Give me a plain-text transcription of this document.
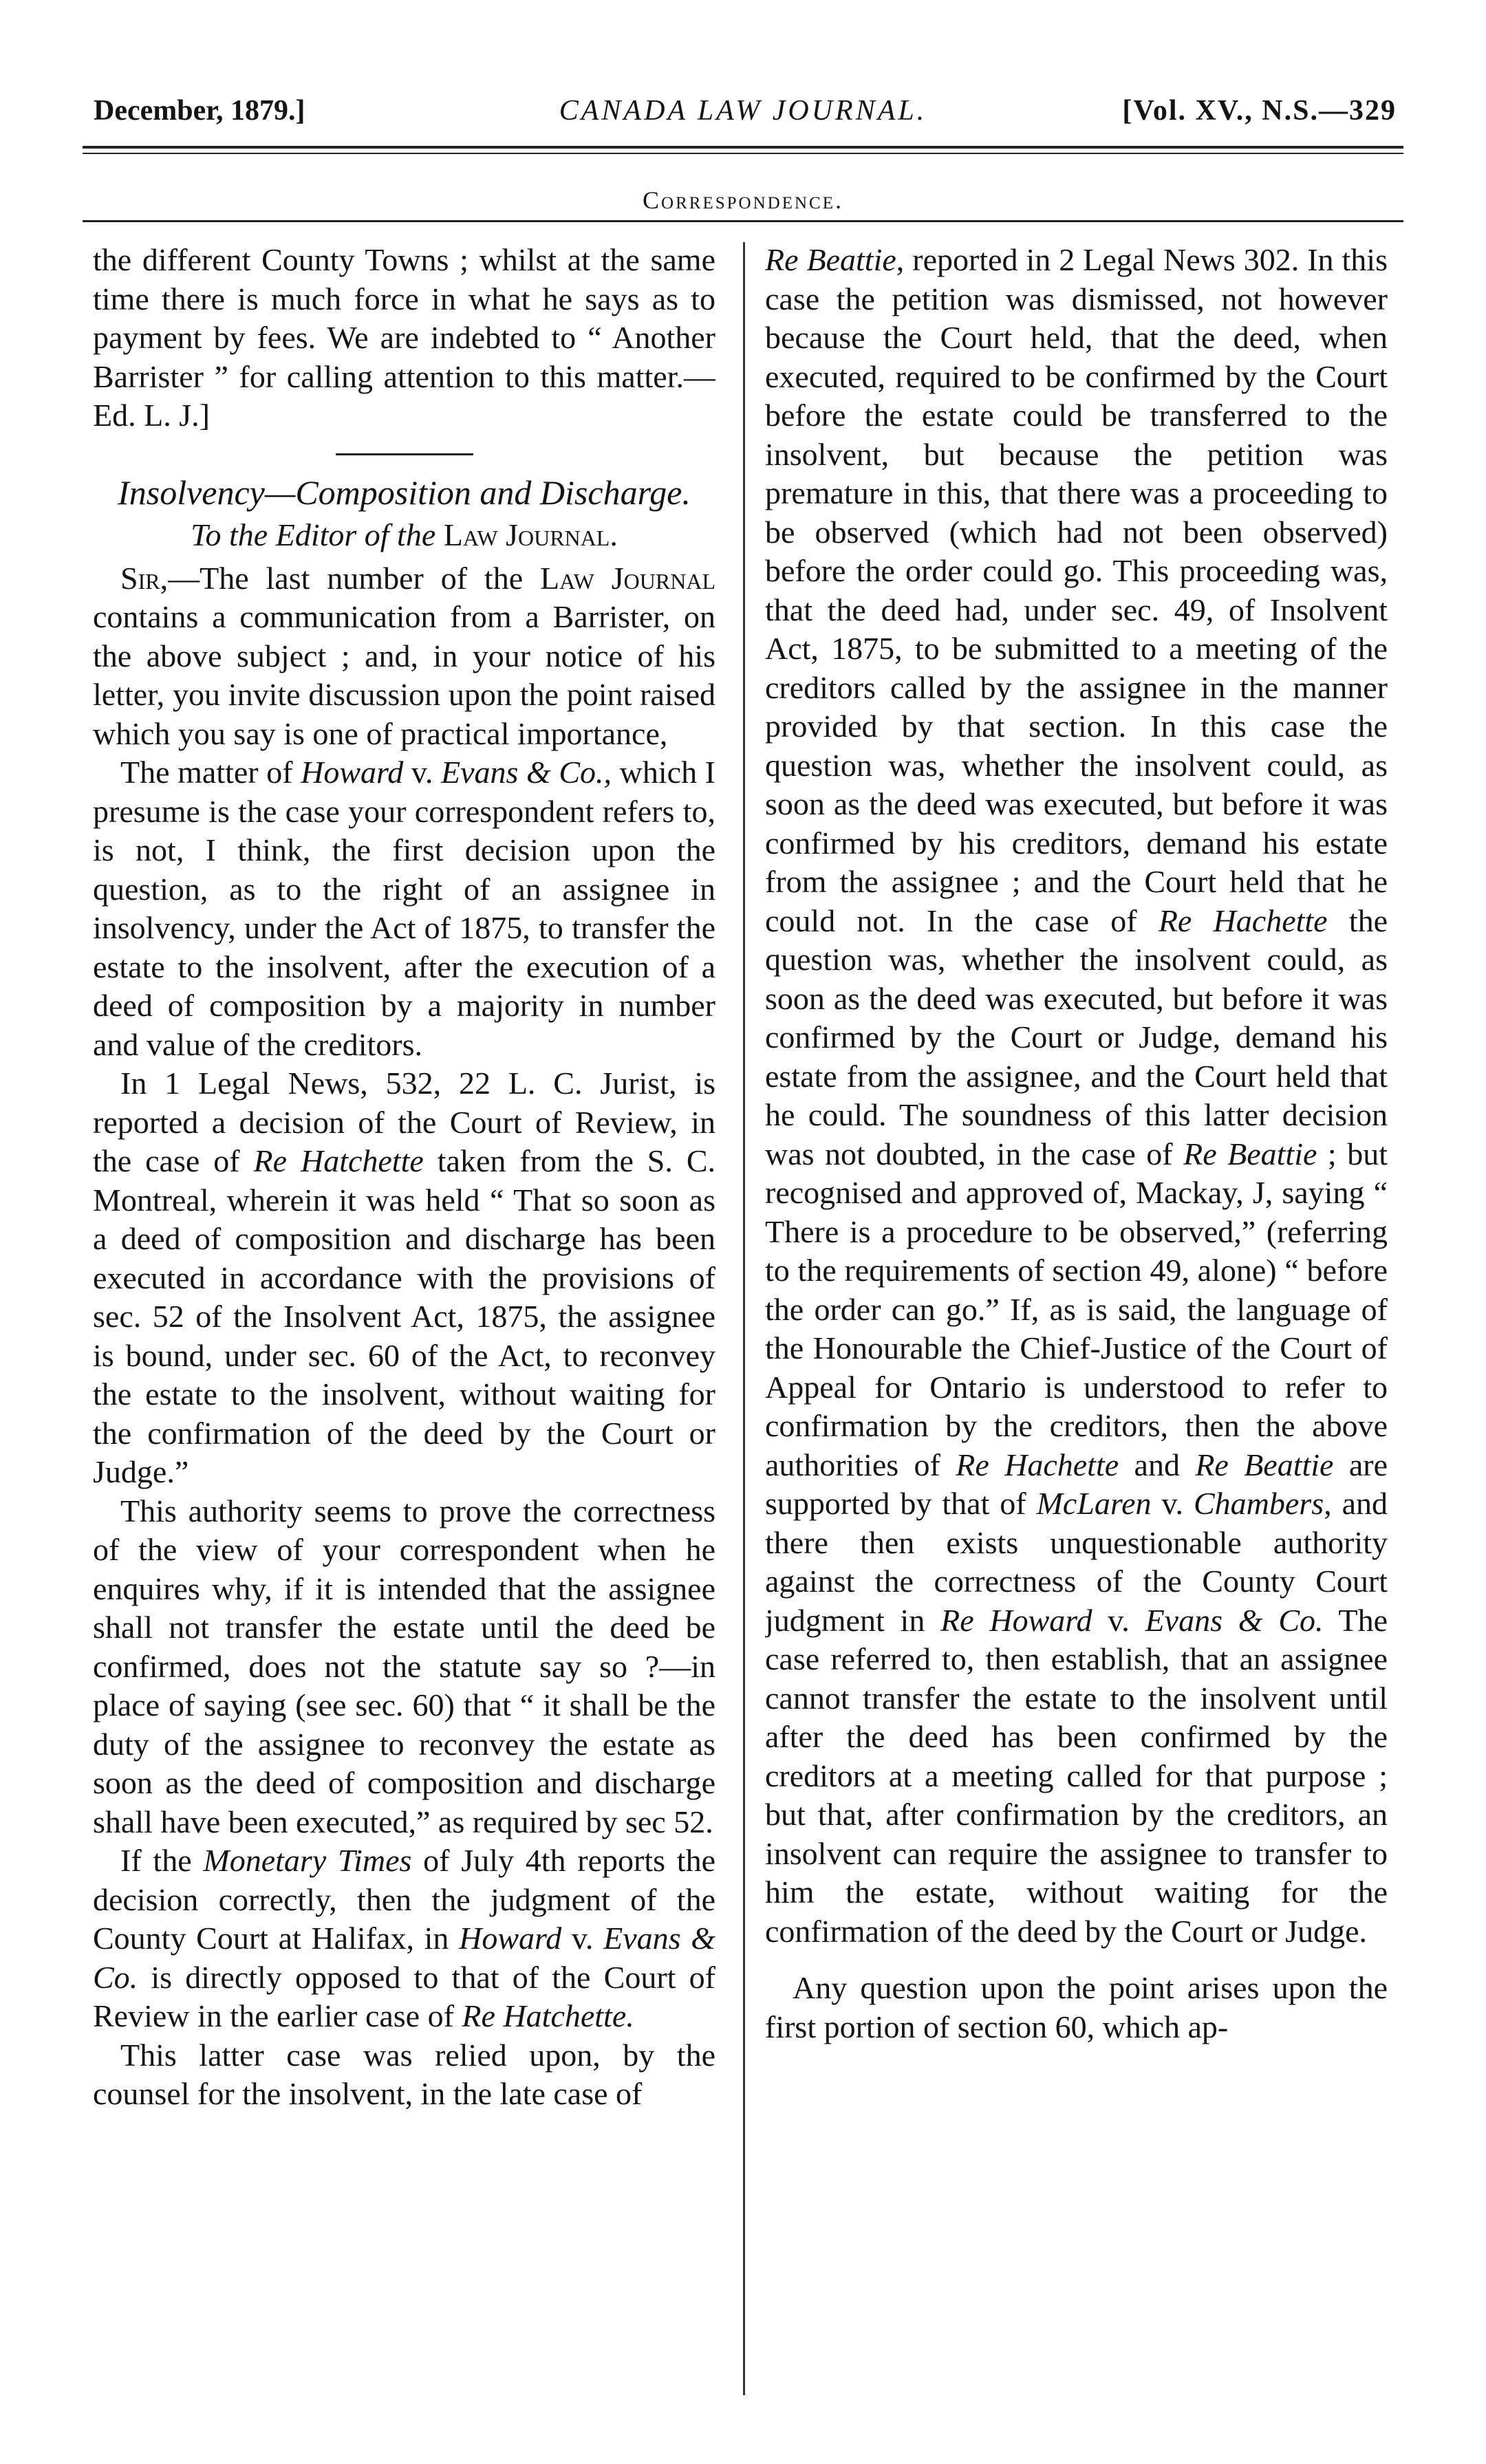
December, 1879.]	CANADA LAW JOURNAL.	[Vol. XV., N.S.—329
Correspondence.

the different County Towns ; whilst at the same time there is much force in what he says as to payment by fees. We are indebted to “ Another Barrister ” for calling attention to this matter.—Ed. L. J.]

Insolvency—Composition and Discharge.

To the Editor of the Law Journal.

Sir,—The last number of the Law Journal contains a communication from a Barrister, on the above subject ; and, in your notice of his letter, you invite discussion upon the point raised which you say is one of practical importance,

The matter of Howard v. Evans & Co., which I presume is the case your correspondent refers to, is not, I think, the first decision upon the question, as to the right of an assignee in insolvency, under the Act of 1875, to transfer the estate to the insolvent, after the execution of a deed of composition by a majority in number and value of the creditors.

In 1 Legal News, 532, 22 L. C. Jurist, is reported a decision of the Court of Review, in the case of Re Hatchette taken from the S. C. Montreal, wherein it was held “ That so soon as a deed of composition and discharge has been executed in accordance with the provisions of sec. 52 of the Insolvent Act, 1875, the assignee is bound, under sec. 60 of the Act, to reconvey the estate to the insolvent, without waiting for the confirmation of the deed by the Court or Judge.”

This authority seems to prove the correctness of the view of your correspondent when he enquires why, if it is intended that the assignee shall not transfer the estate until the deed be confirmed, does not the statute say so ?—in place of saying (see sec. 60) that “ it shall be the duty of the assignee to reconvey the estate as soon as the deed of composition and discharge shall have been executed,” as required by sec 52.

If the Monetary Times of July 4th reports the decision correctly, then the judgment of the County Court at Halifax, in Howard v. Evans & Co. is directly opposed to that of the Court of Review in the earlier case of Re Hatchette.

This latter case was relied upon, by the counsel for the insolvent, in the late case of

Re Beattie, reported in 2 Legal News 302. In this case the petition was dismissed, not however because the Court held, that the deed, when executed, required to be confirmed by the Court before the estate could be transferred to the insolvent, but because the petition was premature in this, that there was a proceeding to be observed (which had not been observed) before the order could go. This proceeding was, that the deed had, under sec. 49, of Insolvent Act, 1875, to be submitted to a meeting of the creditors called by the assignee in the manner provided by that section. In this case the question was, whether the insolvent could, as soon as the deed was executed, but before it was confirmed by his creditors, demand his estate from the assignee ; and the Court held that he could not. In the case of Re Hachette the question was, whether the insolvent could, as soon as the deed was executed, but before it was confirmed by the Court or Judge, demand his estate from the assignee, and the Court held that he could. The soundness of this latter decision was not doubted, in the case of Re Beattie ; but recognised and approved of, Mackay, J, saying “ There is a procedure to be observed,” (referring to the requirements of section 49, alone) “ before the order can go.” If, as is said, the language of the Honourable the Chief-Justice of the Court of Appeal for Ontario is understood to refer to confirmation by the creditors, then the above authorities of Re Hachette and Re Beattie are supported by that of McLaren v. Chambers, and there then exists unquestionable authority against the correctness of the County Court judgment in Re Howard v. Evans & Co. The case referred to, then establish, that an assignee cannot transfer the estate to the insolvent until after the deed has been confirmed by the creditors at a meeting called for that purpose ; but that, after confirmation by the creditors, an insolvent can require the assignee to transfer to him the estate, without waiting for the confirmation of the deed by the Court or Judge.

Any question upon the point arises upon the first portion of section 60, which ap-
